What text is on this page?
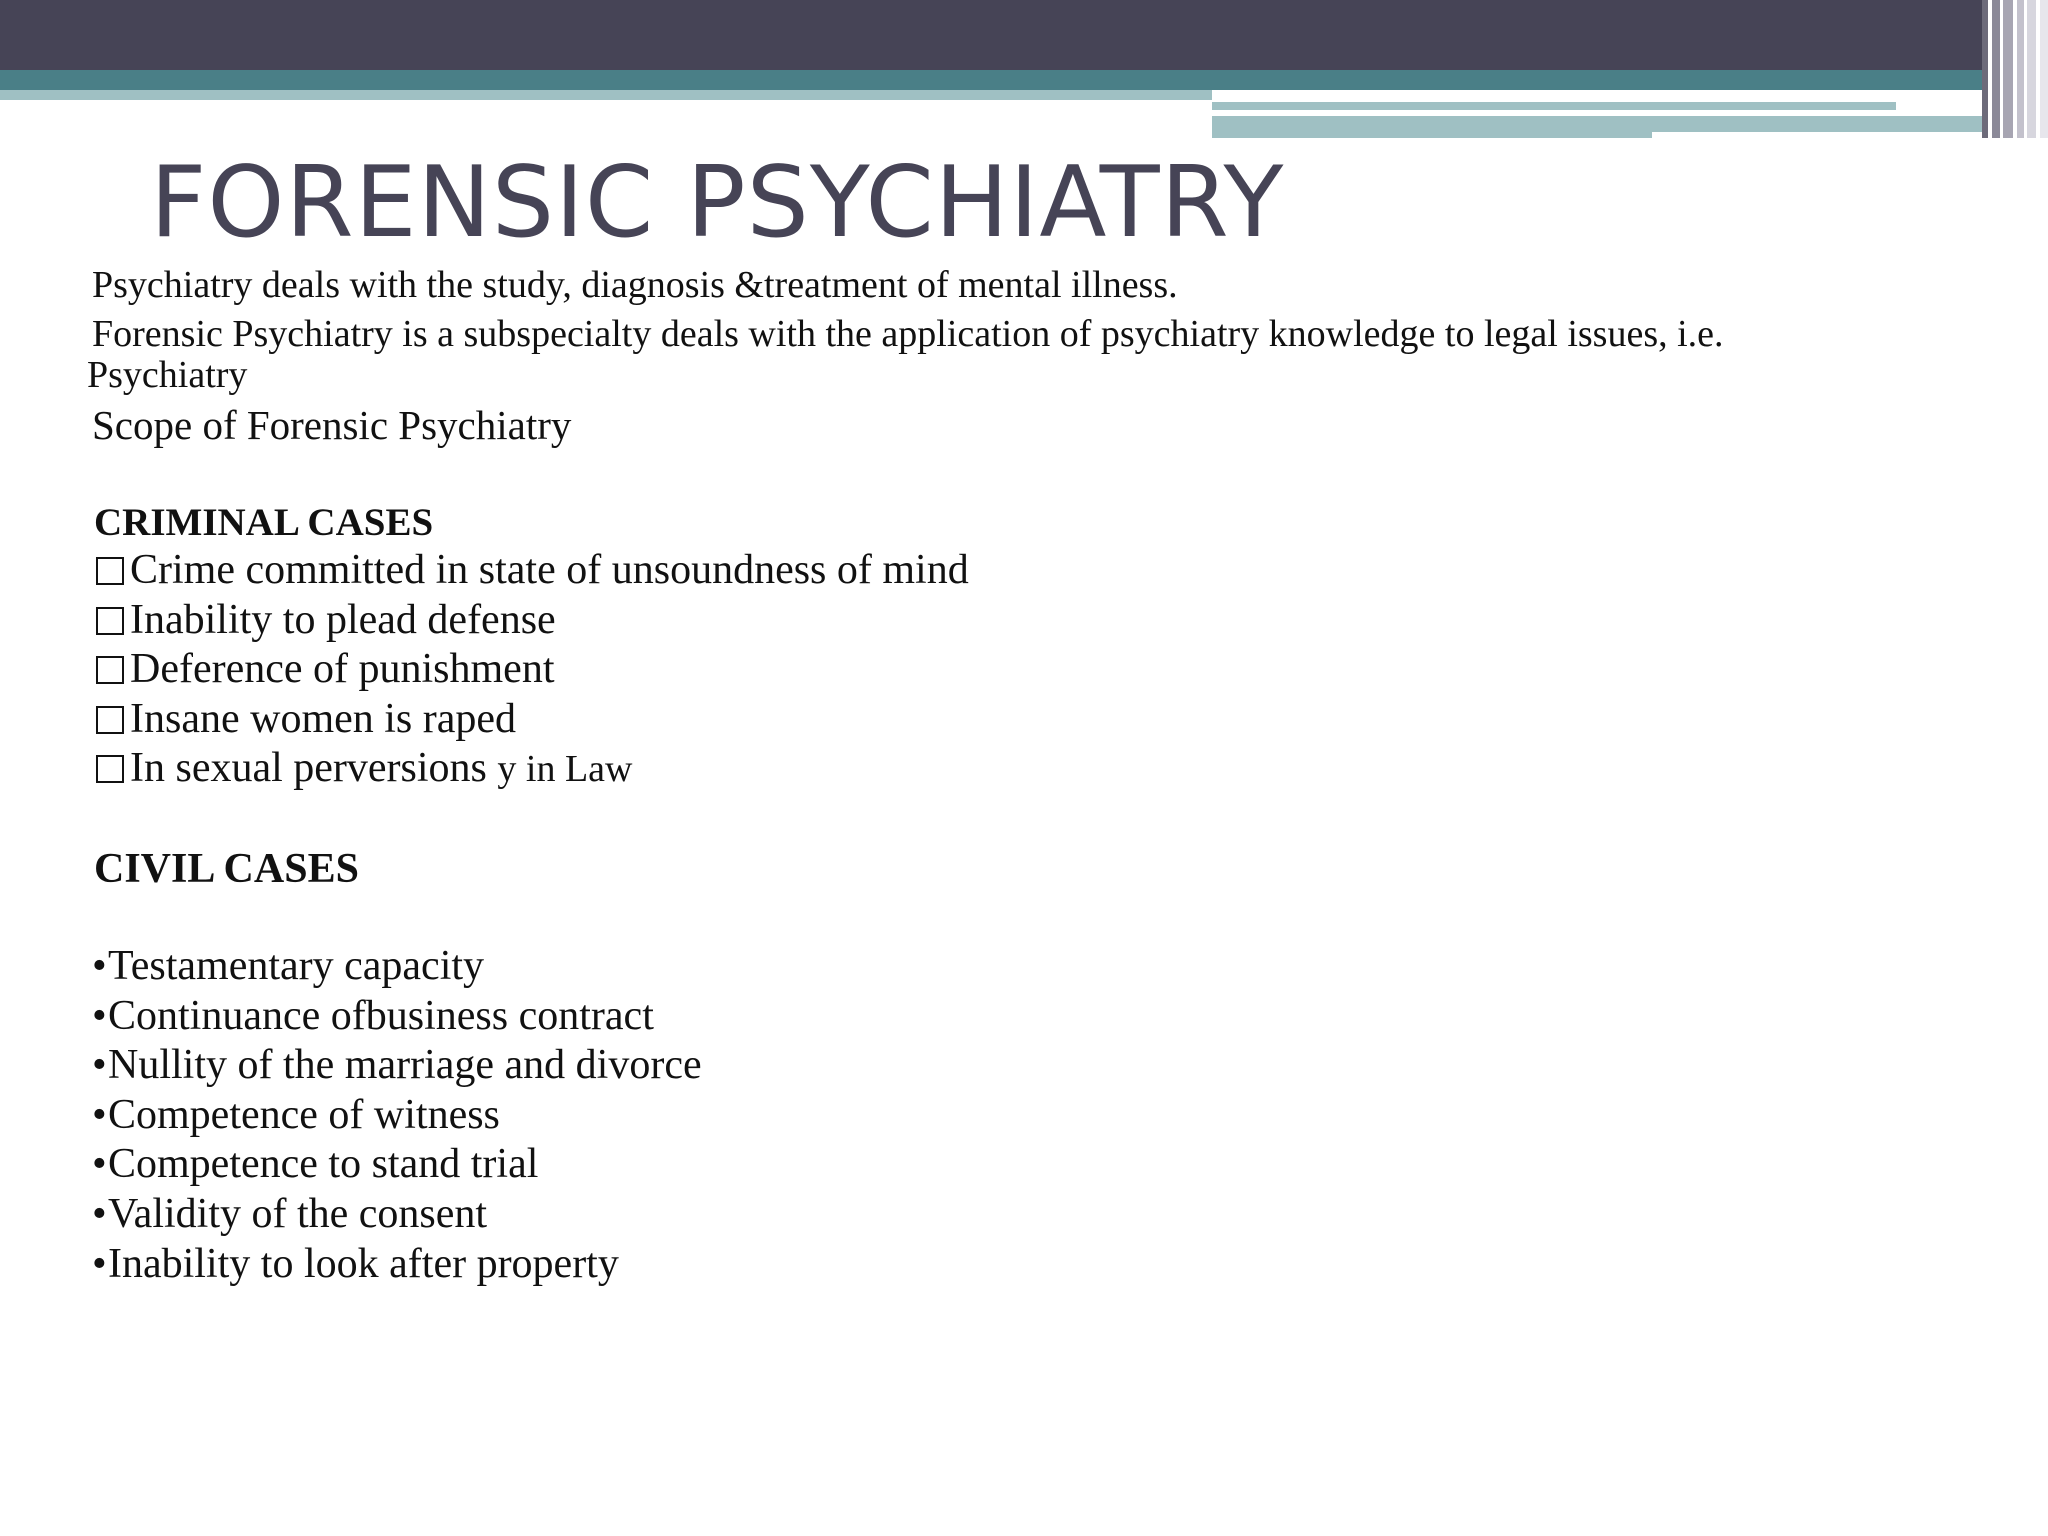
FORENSIC PSYCHIATRY
Psychiatry deals with the study, diagnosis &treatment of mental illness.
Forensic Psychiatry is a subspecialty deals with the application of psychiatry knowledge to legal issues, i.e.
Psychiatry
Scope of Forensic Psychiatry
CRIMINAL CASES
Crime committed in state of unsoundness of mind
Inability to plead defense
Deference of punishment
Insane women is raped
In sexual perversions y in Law
CIVIL CASES
•Testamentary capacity
•Continuance ofbusiness contract
•Nullity of the marriage and divorce
•Competence of witness
•Competence to stand trial
•Validity of the consent
•Inability to look after property
